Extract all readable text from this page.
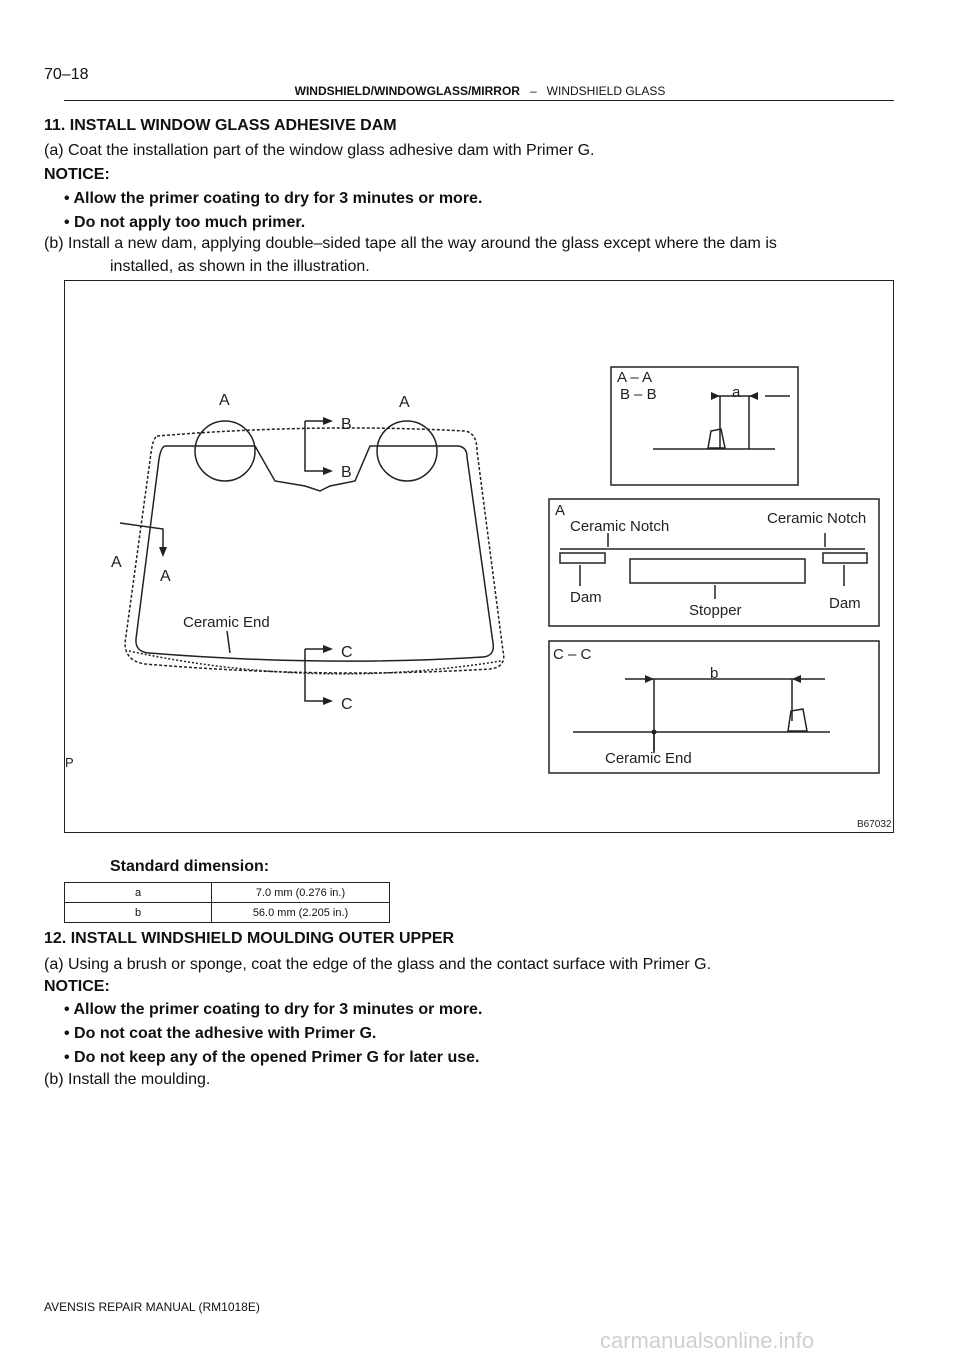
70–18
WINDSHIELD/WINDOWGLASS/MIRROR – WINDSHIELD GLASS
11. INSTALL WINDOW GLASS ADHESIVE DAM
(a) Coat the installation part of the window glass adhesive dam with Primer G.
NOTICE:
• Allow the primer coating to dry for 3 minutes or more.
• Do not apply too much primer.
(b) Install a new dam, applying double–sided tape all the way around the glass except where the dam is
installed, as shown in the illustration.
A	A
B
B
A
A
Ceramic End
C
C
P
A – A
B – B	a
A
Ceramic Notch	Ceramic Notch
Dam	Dam
Stopper
C – C
b
Ceramic End
B67032
Standard dimension:
a	7.0 mm (0.276 in.)
b	56.0 mm (2.205 in.)
12. INSTALL WINDSHIELD MOULDING OUTER UPPER
(a) Using a brush or sponge, coat the edge of the glass and the contact surface with Primer G.
NOTICE:
• Allow the primer coating to dry for 3 minutes or more.
• Do not coat the adhesive with Primer G.
• Do not keep any of the opened Primer G for later use.
(b) Install the moulding.
AVENSIS REPAIR MANUAL (RM1018E)
carmanualsonline.info
